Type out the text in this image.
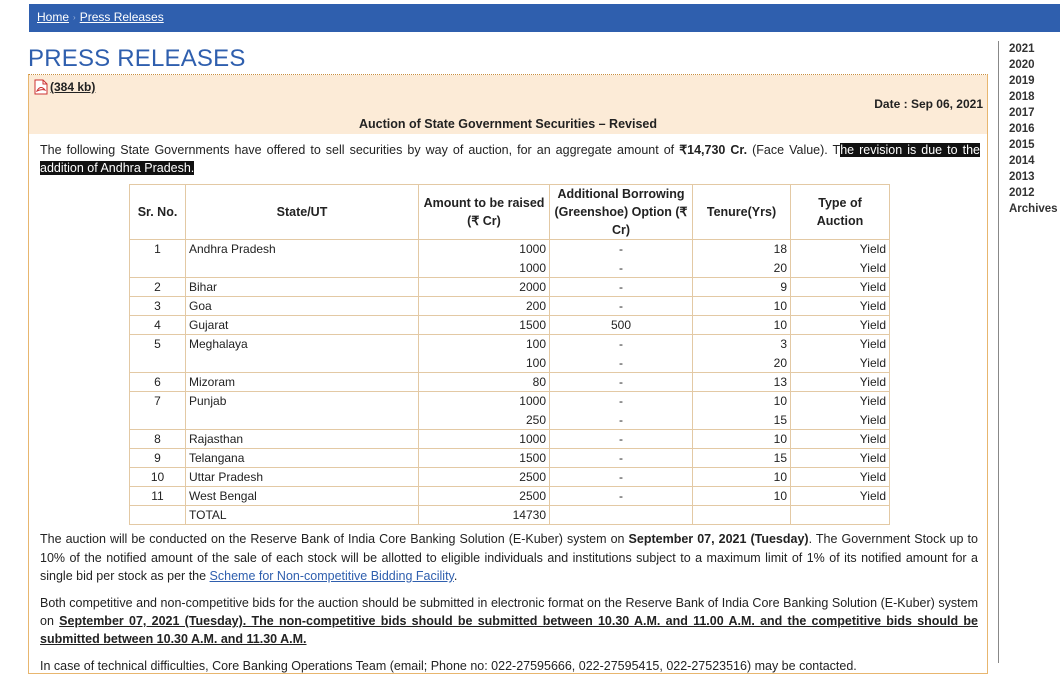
Home › Press Releases
PRESS RELEASES
(384 kb)
Date : Sep 06, 2021
Auction of State Government Securities – Revised

The following State Governments have offered to sell securities by way of auction, for an aggregate amount of ₹14,730 Cr. (Face Value). The revision is due to the addition of Andhra Pradesh.

Sr. No.	State/UT	Amount to be raised (₹ Cr)	Additional Borrowing (Greenshoe) Option (₹ Cr)	Tenure(Yrs)	Type of Auction
1	Andhra Pradesh	1000	-	18	Yield
		1000	-	20	Yield
2	Bihar	2000	-	9	Yield
3	Goa	200	-	10	Yield
4	Gujarat	1500	500	10	Yield
5	Meghalaya	100	-	3	Yield
		100	-	20	Yield
6	Mizoram	80	-	13	Yield
7	Punjab	1000	-	10	Yield
		250	-	15	Yield
8	Rajasthan	1000	-	10	Yield
9	Telangana	1500	-	15	Yield
10	Uttar Pradesh	2500	-	10	Yield
11	West Bengal	2500	-	10	Yield
	TOTAL	14730			

The auction will be conducted on the Reserve Bank of India Core Banking Solution (E-Kuber) system on September 07, 2021 (Tuesday). The Government Stock up to 10% of the notified amount of the sale of each stock will be allotted to eligible individuals and institutions subject to a maximum limit of 1% of its notified amount for a single bid per stock as per the Scheme for Non-competitive Bidding Facility.

Both competitive and non-competitive bids for the auction should be submitted in electronic format on the Reserve Bank of India Core Banking Solution (E-Kuber) system on September 07, 2021 (Tuesday). The non-competitive bids should be submitted between 10.30 A.M. and 11.00 A.M. and the competitive bids should be submitted between 10.30 A.M. and 11.30 A.M.

In case of technical difficulties, Core Banking Operations Team (email; Phone no: 022-27595666, 022-27595415, 022-27523516) may be contacted.

2021
2020
2019
2018
2017
2016
2015
2014
2013
2012
Archives
